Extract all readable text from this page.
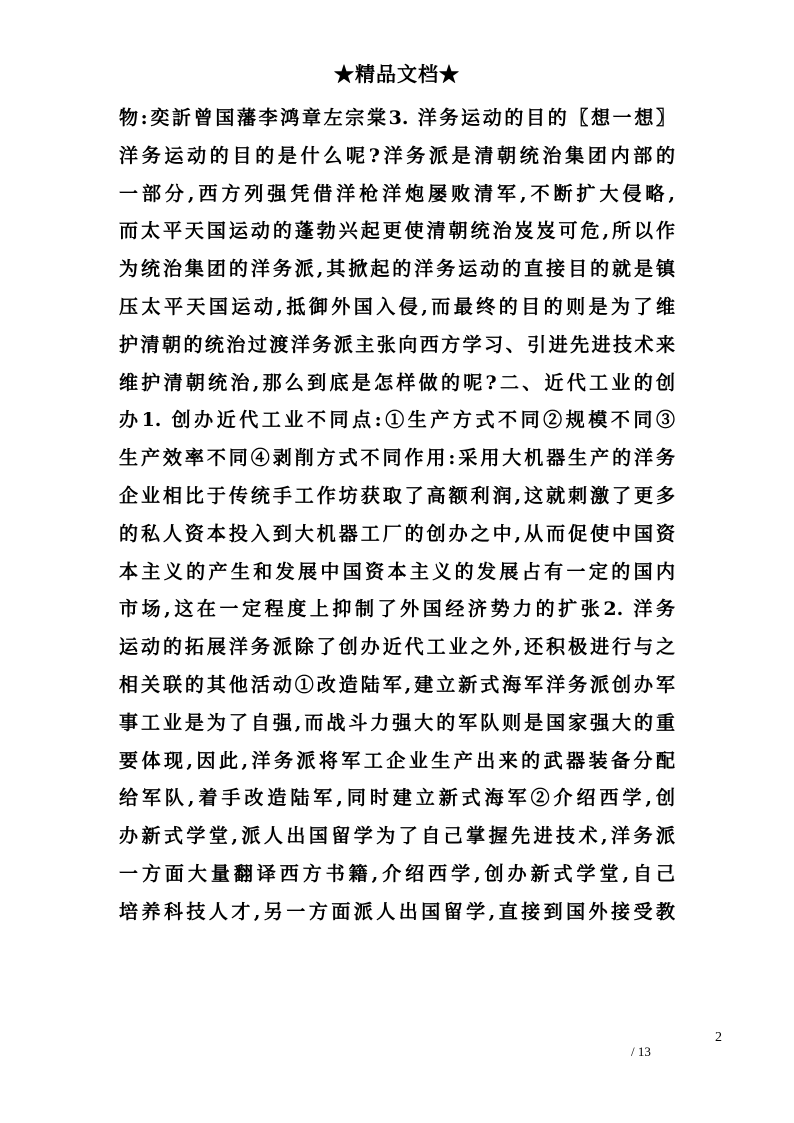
★精品文档★
物:奕訢曾国藩李鸿章左宗棠3. 洋务运动的目的〖想一想〗
洋务运动的目的是什么呢?洋务派是清朝统治集团内部的
一部分,西方列强凭借洋枪洋炮屡败清军,不断扩大侵略,
而太平天国运动的蓬勃兴起更使清朝统治岌岌可危,所以作
为统治集团的洋务派,其掀起的洋务运动的直接目的就是镇
压太平天国运动,抵御外国入侵,而最终的目的则是为了维
护清朝的统治过渡洋务派主张向西方学习、引进先进技术来
维护清朝统治,那么到底是怎样做的呢?二、近代工业的创
办1. 创办近代工业不同点:①生产方式不同②规模不同③
生产效率不同④剥削方式不同作用:采用大机器生产的洋务
企业相比于传统手工作坊获取了高额利润,这就刺激了更多
的私人资本投入到大机器工厂的创办之中,从而促使中国资
本主义的产生和发展中国资本主义的发展占有一定的国内
市场,这在一定程度上抑制了外国经济势力的扩张2. 洋务
运动的拓展洋务派除了创办近代工业之外,还积极进行与之
相关联的其他活动①改造陆军,建立新式海军洋务派创办军
事工业是为了自强,而战斗力强大的军队则是国家强大的重
要体现,因此,洋务派将军工企业生产出来的武器装备分配
给军队,着手改造陆军,同时建立新式海军②介绍西学,创
办新式学堂,派人出国留学为了自己掌握先进技术,洋务派
一方面大量翻译西方书籍,介绍西学,创办新式学堂,自己
培养科技人才,另一方面派人出国留学,直接到国外接受教
2
/ 13
